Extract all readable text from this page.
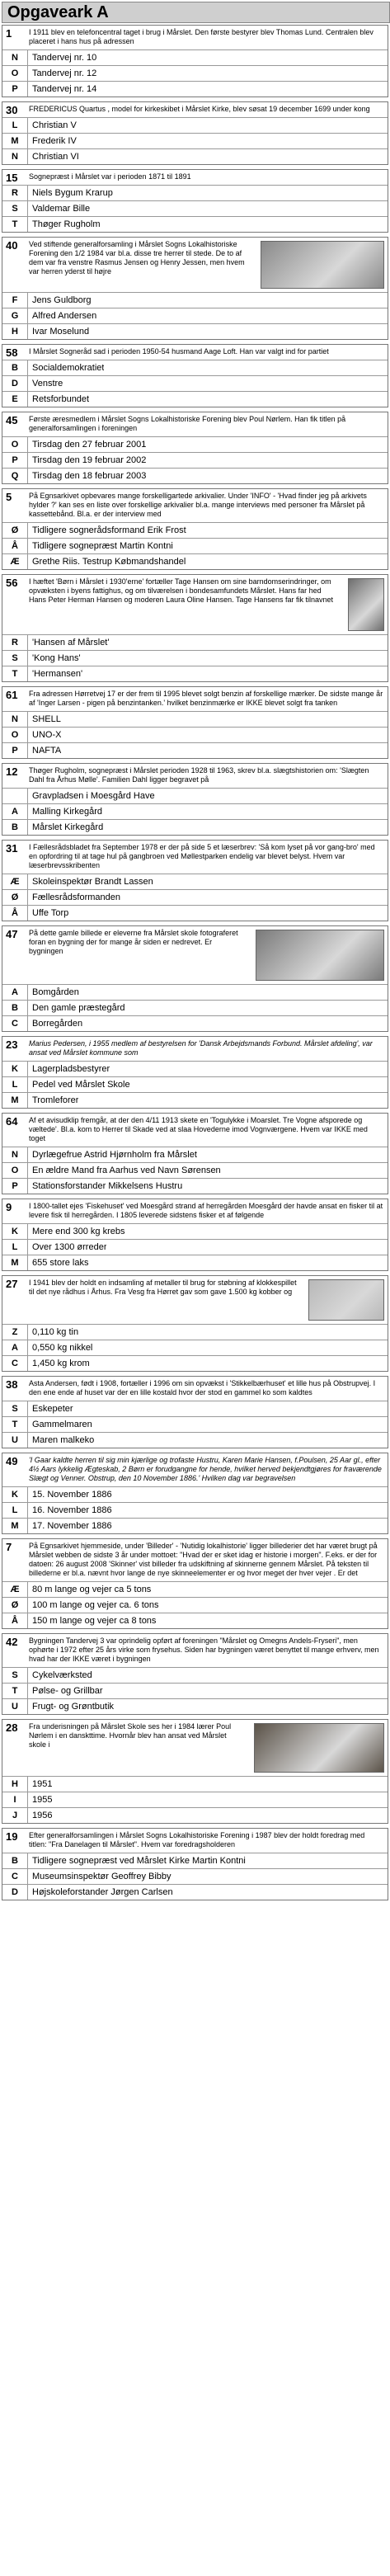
Opgaveark A
1	I 1911 blev en telefoncentral taget i brug i Mårslet. Den første bestyrer blev Thomas Lund. Centralen blev placeret i hans hus på adressen
N	Tandervej nr. 10
O	Tandervej nr. 12
P	Tandervej nr. 14
30	FREDERICUS Quartus , model for kirkeskibet i Mårslet Kirke, blev søsat 19 december 1699 under kong
L	Christian V
M	Frederik IV
N	Christian VI
15	Sognepræst i Mårslet var i perioden 1871 til 1891
R	Niels Bygum Krarup
S	Valdemar Bille
T	Thøger Rugholm
40	Ved stiftende generalforsamling i Mårslet Sogns Lokalhistoriske Forening den 1/2 1984 var bl.a. disse tre herrer til stede. De to af dem var fra venstre Rasmus Jensen og Henry Jessen, men hvem var herren yderst til højre
F	Jens Guldborg
G	Alfred Andersen
H	Ivar Moselund
58	I Mårslet Sogneråd sad i perioden 1950-54 husmand Aage Loft. Han var valgt ind for partiet
B	Socialdemokratiet
D	Venstre
E	Retsforbundet
45	Første æresmedlem i Mårslet Sogns Lokalhistoriske Forening blev Poul Nørlem. Han fik titlen på generalforsamlingen i foreningen
O	Tirsdag den 27 februar 2001
P	Tirsdag den 19 februar 2002
Q	Tirsdag den 18 februar 2003
5	På Egnsarkivet opbevares mange forskelligartede arkivalier. Under 'INFO' - 'Hvad finder jeg på arkivets hylder ?' kan ses en liste over forskellige arkivalier bl.a. mange interviews med personer fra Mårslet på kassettebånd. Bl.a. er der interview med
Ø	Tidligere sognerådsformand Erik Frost
Å	Tidligere sognepræst Martin Kontni
Æ	Grethe Riis. Testrup Købmandshandel
56	I hæftet 'Børn i Mårslet i 1930'erne' fortæller Tage Hansen om sine barndomserindringer, om opvæksten i byens fattighus, og om tilværelsen i bondesamfundets Mårslet. Hans far hed Hans Peter Herman Hansen og moderen Laura Oline Hansen. Tage Hansens far fik tilnavnet
R	'Hansen af Mårslet'
S	'Kong Hans'
T	'Hermansen'
61	Fra adressen Hørretvej 17 er der frem til 1995 blevet solgt benzin af forskellige mærker. De sidste mange år af 'Inger Larsen - pigen på benzintanken.' hvilket benzinmærke er IKKE blevet solgt fra tanken
N	SHELL
O	UNO-X
P	NAFTA
12	Thøger Rugholm, sognepræst i Mårslet perioden 1928 til 1963, skrev bl.a. slægtshistorien om: 'Slægten Dahl fra Århus Mølle'. Familien Dahl ligger begravet på
Gravpladsen i Moesgård Have
A	Malling Kirkegård
B	Mårslet Kirkegård
31	I Fællesrådsbladet fra September 1978 er der på side 5 et læserbrev: 'Så kom lyset på vor gang-bro' med en opfordring til at tage hul på gangbroen ved Møllestparken endelig var blevet belyst. Hvem var læserbrevsskribenten
Æ	Skoleinspektør Brandt Lassen
Ø	Fællesrådsformanden
Å	Uffe Torp
47	På dette gamle billede er eleverne fra Mårslet skole fotograferet foran en bygning der for mange år siden er nedrevet. Er bygningen
A	Bomgården
B	Den gamle præstegård
C	Borregården
23	Marius Pedersen, i 1955 medlem af bestyrelsen for 'Dansk Arbejdsmands Forbund. Mårslet afdeling', var ansat ved Mårslet kommune som
K	Lagerpladsbestyrer
L	Pedel ved Mårslet Skole
M	Tromleforer
64	Af et avisudklip fremgår, at der den 4/11 1913 skete en 'Togulykke i Moarslet. Tre Vogne afsporede og væltede'. Bl.a. kom to Herrer til Skade ved at slaa Hovederne imod Vognværgene. Hvem var IKKE med toget
N	Dyrlægefrue Astrid Hjørnholm fra Mårslet
O	En ældre Mand fra Aarhus ved Navn Sørensen
P	Stationsforstander Mikkelsens Hustru
9	I 1800-tallet ejes 'Fiskehuset' ved Moesgård strand af herregården Moesgård der havde ansat en fisker til at levere fisk til herregården. I 1805 leverede sidstens fisker et af følgende
K	Mere end 300 kg krebs
L	Over 1300 ørreder
M	655 store laks
27	I 1941 blev der holdt en indsamling af metaller til brug for støbning af klokkespillet til det nye rådhus i Århus. Fra Vesg fra Hørret gav som gave 1.500 kg kobber og
Z	0,110 kg tin
A	0,550 kg nikkel
C	1,450 kg krom
38	Asta Andersen, født i 1908, fortæller i 1996 om sin opvækst i 'Stikkelbærhuset' et lille hus på Obstrupvej. I den ene ende af huset var der en lille kostald hvor der stod en gammel ko som kaldtes
S	Eskepeter
T	Gammelmaren
U	Maren malkeko
49	'I Gaar kaldte herren til sig min kjærlige og trofaste Hustru, Karen Marie Hansen, f.Poulsen, 25 Aar gl., efter 4½ Aars lykkelig Ægteskab, 2 Børn er forudgangne for hende, hvilket herved bekjendtgjøres for fraværende Slægt og Venner. Obstrup, den 10 November 1886.' Hvilken dag var begravelsen
K	15. November 1886
L	16. November 1886
M	17. November 1886
7	På Egnsarkivet hjemmeside, under 'Billeder' - 'Nutidig lokalhistorie' ligger billederier det har været brugt på Mårslet webben de sidste 3 år under mottoet: "Hvad der er sket idag er historie i morgen". F.eks. er der for datoen: 26 august 2008 'Skinner' vist billeder fra udskiftning af skinnerne gennem Mårslet. På teksten til billederne er bl.a. nævnt hvor lange de nye skinneelementer er og hvor meget der hver vejer . Er det
Æ	80 m lange og vejer ca 5 tons
Ø	100 m lange og vejer ca. 6 tons
Å	150 m lange og vejer ca 8 tons
42	Bygningen Tandervej 3 var oprindelig opført af foreningen "Mårslet og Omegns Andels-Fryseri", men ophørte i 1972 efter 25 års virke som frysehus. Siden har bygningen været benyttet til mange erhverv, men hvad har der IKKE været i bygningen
S	Cykelværksted
T	Pølse- og Grillbar
U	Frugt- og Grøntbutik
28	Fra underisningen på Mårslet Skole ses her i 1984 lærer Poul Nørlem i en danskttime. Hvornår blev han ansat ved Mårslet skole i
H	1951
I	1955
J	1956
19	Efter generalforsamlingen i Mårslet Sogns Lokalhistoriske Forening i 1987 blev der holdt foredrag med titlen: "Fra Danelagen til Mårslet". Hvem var foredragsholderen
B	Tidligere sognepræst ved Mårslet Kirke Martin Kontni
C	Museumsinspektør Geoffrey Bibby
D	Højskoleforstander Jørgen Carlsen
